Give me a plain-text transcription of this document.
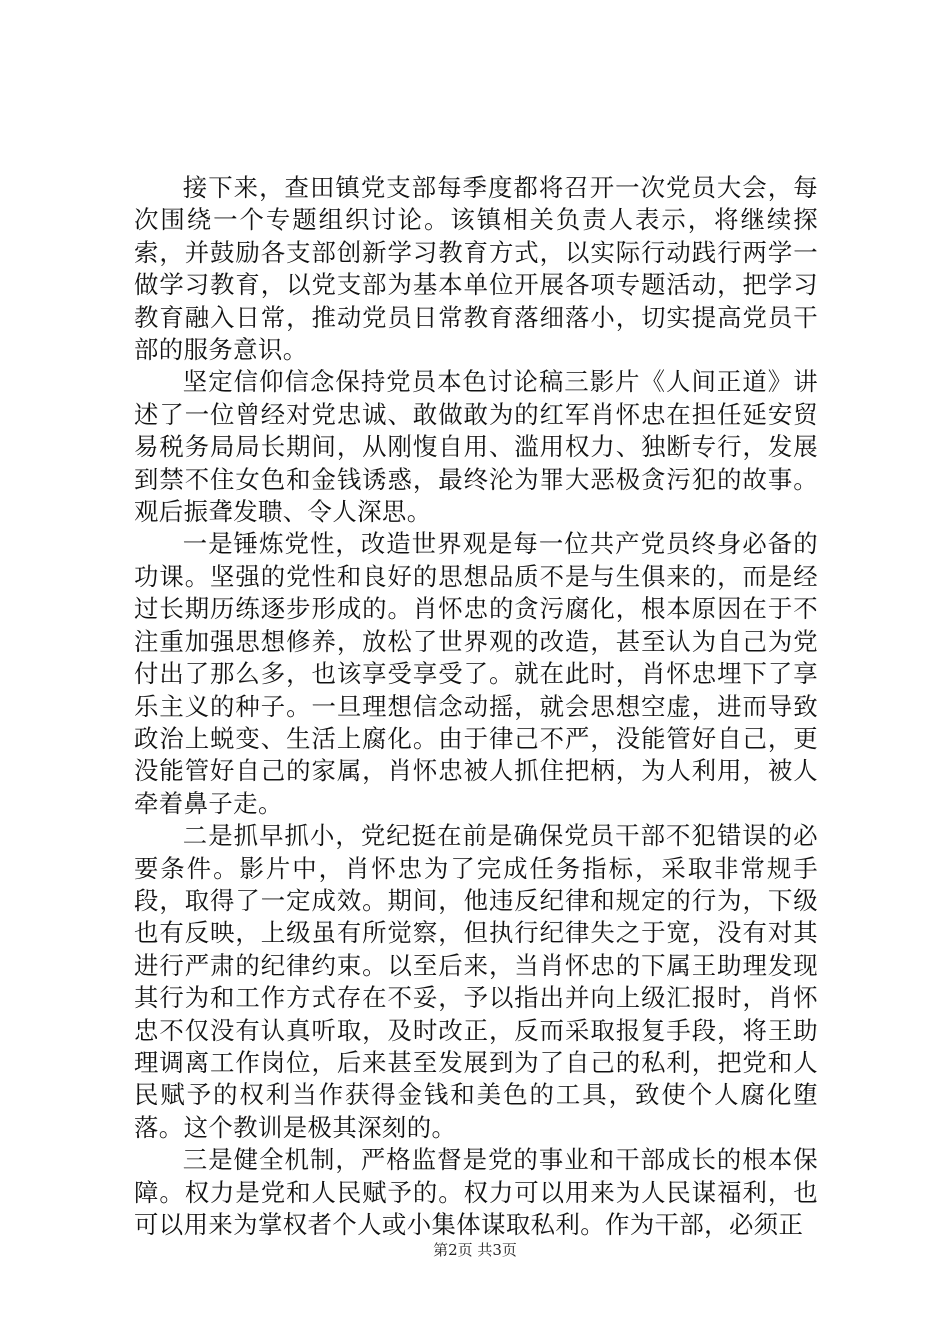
接下来，查田镇党支部每季度都将召开一次党员大会，每次围绕一个专题组织讨论。该镇相关负责人表示，将继续探索，并鼓励各支部创新学习教育方式，以实际行动践行两学一做学习教育，以党支部为基本单位开展各项专题活动，把学习教育融入日常，推动党员日常教育落细落小，切实提高党员干部的服务意识。

坚定信仰信念保持党员本色讨论稿三影片《人间正道》讲述了一位曾经对党忠诚、敢做敢为的红军肖怀忠在担任延安贸易税务局局长期间，从刚愎自用、滥用权力、独断专行，发展到禁不住女色和金钱诱惑，最终沦为罪大恶极贪污犯的故事。观后振聋发聩、令人深思。

一是锤炼党性，改造世界观是每一位共产党员终身必备的功课。坚强的党性和良好的思想品质不是与生俱来的，而是经过长期历练逐步形成的。肖怀忠的贪污腐化，根本原因在于不注重加强思想修养，放松了世界观的改造，甚至认为自己为党付出了那么多，也该享受享受了。就在此时，肖怀忠埋下了享乐主义的种子。一旦理想信念动摇，就会思想空虚，进而导致政治上蜕变、生活上腐化。由于律己不严，没能管好自己，更没能管好自己的家属，肖怀忠被人抓住把柄，为人利用，被人牵着鼻子走。

二是抓早抓小，党纪挺在前是确保党员干部不犯错误的必要条件。影片中，肖怀忠为了完成任务指标，采取非常规手段，取得了一定成效。期间，他违反纪律和规定的行为，下级也有反映，上级虽有所觉察，但执行纪律失之于宽，没有对其进行严肃的纪律约束。以至后来，当肖怀忠的下属王助理发现其行为和工作方式存在不妥，予以指出并向上级汇报时，肖怀忠不仅没有认真听取，及时改正，反而采取报复手段，将王助理调离工作岗位，后来甚至发展到为了自己的私利，把党和人民赋予的权利当作获得金钱和美色的工具，致使个人腐化堕落。这个教训是极其深刻的。

三是健全机制，严格监督是党的事业和干部成长的根本保障。权力是党和人民赋予的。权力可以用来为人民谋福利，也可以用来为掌权者个人或小集体谋取私利。作为干部，必须正

第2页 共3页
